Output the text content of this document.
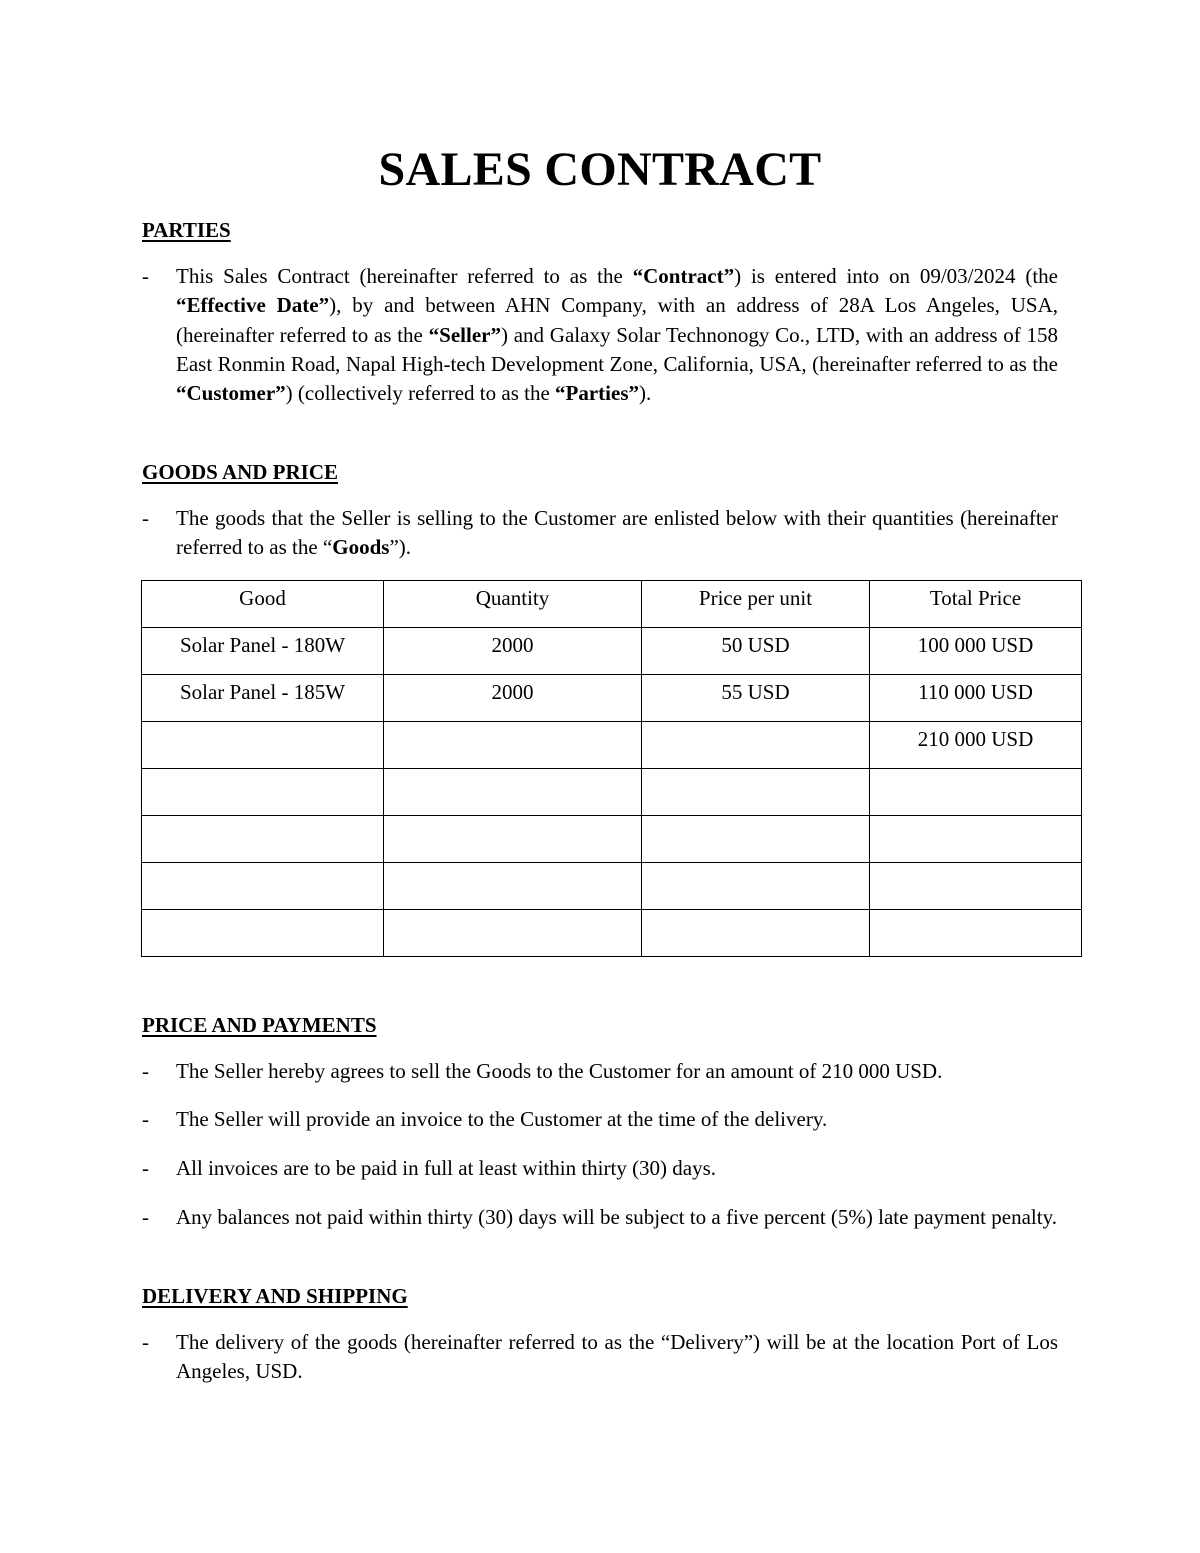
SALES CONTRACT
PARTIES
-	This Sales Contract (hereinafter referred to as the “Contract”) is entered into on 09/03/2024 (the “Effective Date”), by and between AHN Company, with an address of 28A Los Angeles, USA, (hereinafter referred to as the “Seller”) and Galaxy Solar Technonogy Co., LTD, with an address of 158 East Ronmin Road, Napal High-tech Development Zone, California, USA, (hereinafter referred to as the “Customer”) (collectively referred to as the “Parties”).
GOODS AND PRICE
-	The goods that the Seller is selling to the Customer are enlisted below with their quantities (hereinafter referred to as the “Goods”).
Good	Quantity	Price per unit	Total Price
Solar Panel - 180W	2000	50 USD	100 000 USD
Solar Panel - 185W	2000	55 USD	110 000 USD
			210 000 USD

PRICE AND PAYMENTS
-	The Seller hereby agrees to sell the Goods to the Customer for an amount of 210 000 USD.
-	The Seller will provide an invoice to the Customer at the time of the delivery.
-	All invoices are to be paid in full at least within thirty (30) days.
-	Any balances not paid within thirty (30) days will be subject to a five percent (5%) late payment penalty.
DELIVERY AND SHIPPING
-	The delivery of the goods (hereinafter referred to as the “Delivery”) will be at the location Port of Los Angeles, USD.
